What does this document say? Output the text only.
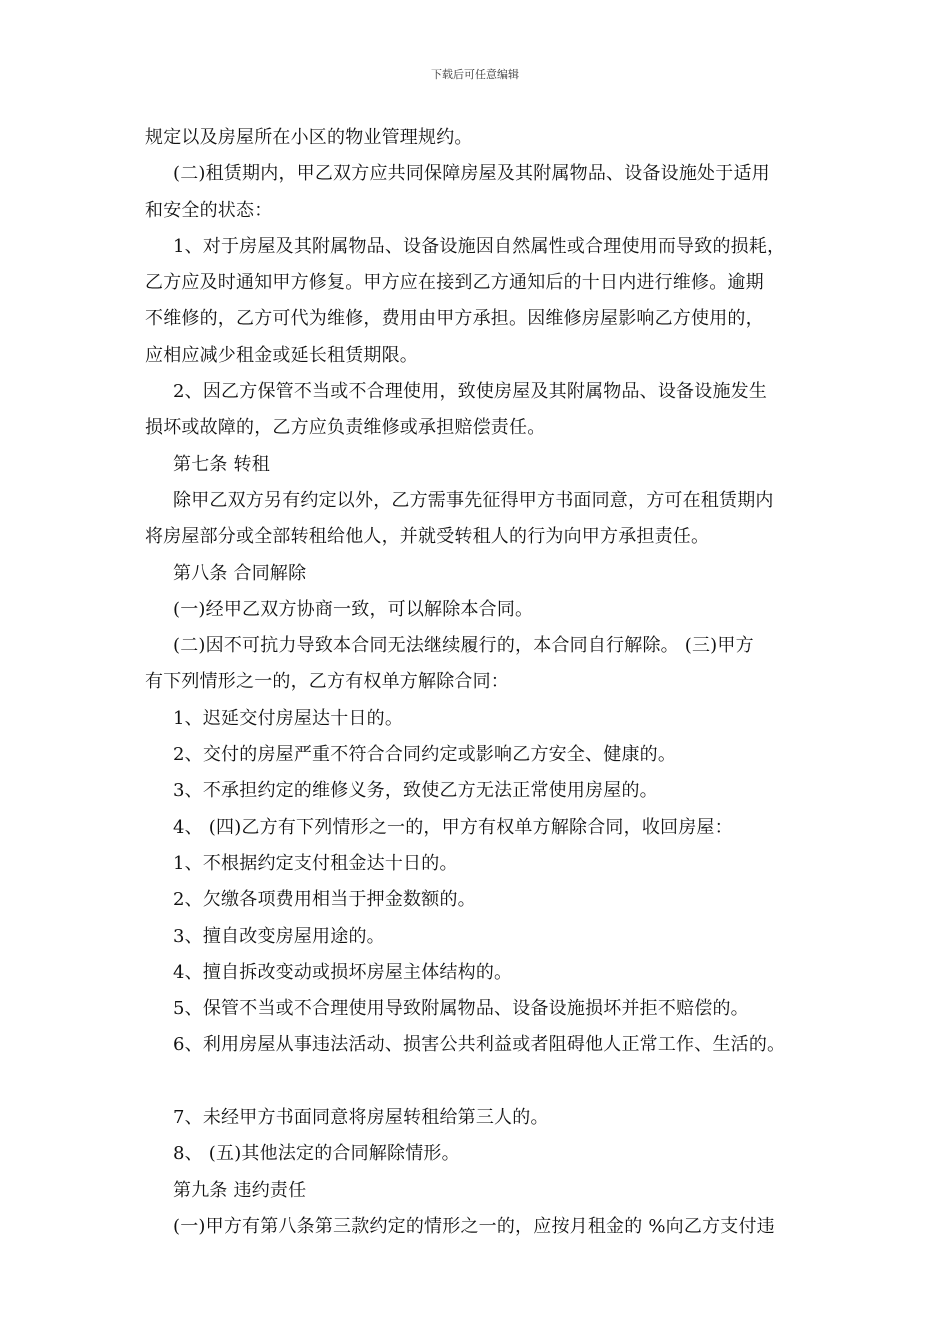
下载后可任意编辑
规定以及房屋所在小区的物业管理规约。
(二)租赁期内，甲乙双方应共同保障房屋及其附属物品、设备设施处于适用
和安全的状态：
1、对于房屋及其附属物品、设备设施因自然属性或合理使用而导致的损耗，
乙方应及时通知甲方修复。甲方应在接到乙方通知后的十日内进行维修。逾期
不维修的，乙方可代为维修，费用由甲方承担。因维修房屋影响乙方使用的，
应相应减少租金或延长租赁期限。
2、因乙方保管不当或不合理使用，致使房屋及其附属物品、设备设施发生
损坏或故障的，乙方应负责维修或承担赔偿责任。
第七条 转租
除甲乙双方另有约定以外，乙方需事先征得甲方书面同意，方可在租赁期内
将房屋部分或全部转租给他人，并就受转租人的行为向甲方承担责任。
第八条 合同解除
(一)经甲乙双方协商一致，可以解除本合同。
(二)因不可抗力导致本合同无法继续履行的，本合同自行解除。 (三)甲方
有下列情形之一的，乙方有权单方解除合同：
1、迟延交付房屋达十日的。
2、交付的房屋严重不符合合同约定或影响乙方安全、健康的。
3、不承担约定的维修义务，致使乙方无法正常使用房屋的。
4、 (四)乙方有下列情形之一的，甲方有权单方解除合同，收回房屋：
1、不根据约定支付租金达十日的。
2、欠缴各项费用相当于押金数额的。
3、擅自改变房屋用途的。
4、擅自拆改变动或损坏房屋主体结构的。
5、保管不当或不合理使用导致附属物品、设备设施损坏并拒不赔偿的。
6、利用房屋从事违法活动、损害公共利益或者阻碍他人正常工作、生活的。
7、未经甲方书面同意将房屋转租给第三人的。
8、 (五)其他法定的合同解除情形。
第九条 违约责任
(一)甲方有第八条第三款约定的情形之一的，应按月租金的 %向乙方支付违
